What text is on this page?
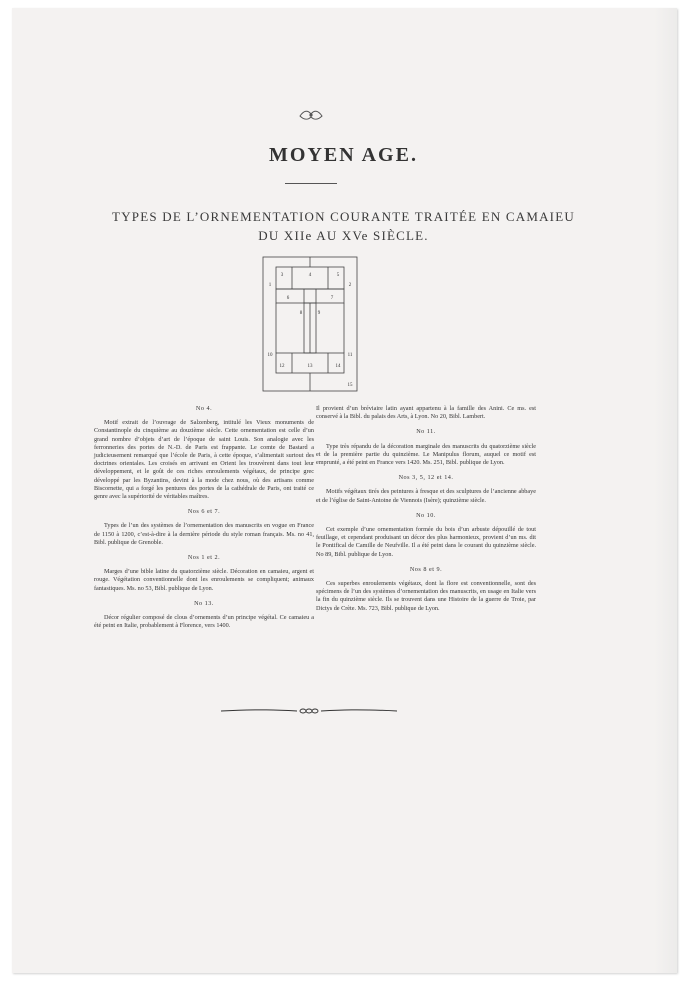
MOYEN AGE.
TYPES DE L’ORNEMENTATION COURANTE TRAITÉE EN CAMAIEU
DU XIIe AU XVe SIÈCLE.
1	2
3	4	5
6	7
8	9
10	11
12	13	14
15
No 4.

Motif extrait de l’ouvrage de Salzenberg, intitulé les Vieux monuments de Constantinople du cinquième au douzième siècle. Cette ornementation est celle d’un grand nombre d’objets d’art de l’époque de saint Louis. Son analogie avec les ferronneries des portes de N.-D. de Paris est frappante. Le comte de Bastard a judicieusement remarqué que l’école de Paris, à cette époque, s’alimentait surtout des doctrines orientales. Les croisés en arrivant en Orient les trouvèrent dans tout leur développement, et le goût de ces riches enroulements végétaux, de principe grec développé par les Byzantins, devint à la mode chez nous, où des artisans comme Biscornette, qui a forgé les pentures des portes de la cathédrale de Paris, ont traité ce genre avec la supériorité de véritables maîtres.

Nos 6 et 7.

Types de l’un des systèmes de l’ornementation des manuscrits en vogue en France de 1150 à 1200, c’est-à-dire à la dernière période du style roman français. Ms. no 41, Bibl. publique de Grenoble.

Nos 1 et 2.

Marges d’une bible latine du quatorzième siècle. Décoration en camaieu, argent et rouge. Végétation conventionnelle dont les enroulements se compliquent; animaux fantastiques. Ms. no 53, Bibl. publique de Lyon.

No 13.

Décor régulier composé de clous d’ornements d’un principe végétal. Ce camaieu a été peint en Italie, probablement à Florence, vers 1400.

Il provient d’un bréviaire latin ayant appartenu à la famille des Anini. Ce ms. est conservé à la Bibl. du palais des Arts, à Lyon. No 20, Bibl. Lambert.

No 11.

Type très répandu de la décoration marginale des manuscrits du quatorzième siècle et de la première partie du quinzième. Le Manipulus florum, auquel ce motif est emprunté, a été peint en France vers 1420. Ms. 251, Bibl. publique de Lyon.

Nos 3, 5, 12 et 14.

Motifs végétaux tirés des peintures à fresque et des sculptures de l’ancienne abbaye et de l’église de Saint-Antoine de Viennois (Isère); quinzième siècle.

No 10.

Cet exemple d’une ornementation formée du bois d’un arbuste dépouillé de tout feuillage, et cependant produisant un décor des plus harmonieux, provient d’un ms. dit le Pontifical de Camille de Neufville. Il a été peint dans le courant du quinzième siècle. No 89, Bibl. publique de Lyon.

Nos 8 et 9.

Ces superbes enroulements végétaux, dont la flore est conventionnelle, sont des spécimens de l’un des systèmes d’ornementation des manuscrits, en usage en Italie vers la fin du quinzième siècle. Ils se trouvent dans une Histoire de la guerre de Troie, par Dictys de Crète. Ms. 723, Bibl. publique de Lyon.
